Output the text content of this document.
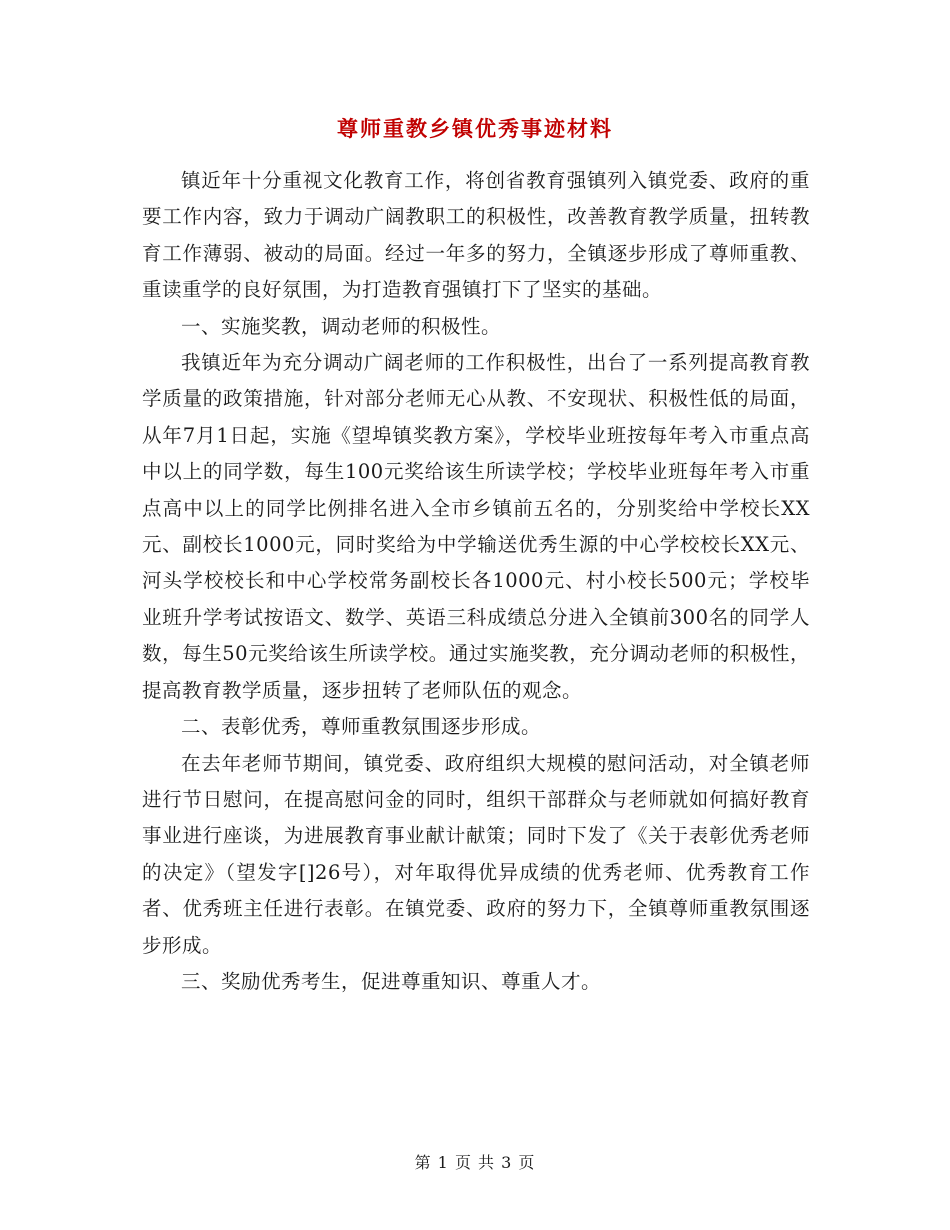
尊师重教乡镇优秀事迹材料

镇近年十分重视文化教育工作，将创省教育强镇列入镇党委、政府的重要工作内容，致力于调动广阔教职工的积极性，改善教育教学质量，扭转教育工作薄弱、被动的局面。经过一年多的努力，全镇逐步形成了尊师重教、重读重学的良好氛围，为打造教育强镇打下了坚实的基础。

一、实施奖教，调动老师的积极性。

我镇近年为充分调动广阔老师的工作积极性，出台了一系列提高教育教学质量的政策措施，针对部分老师无心从教、不安现状、积极性低的局面，从年7月1日起，实施《望埠镇奖教方案》，学校毕业班按每年考入市重点高中以上的同学数，每生100元奖给该生所读学校；学校毕业班每年考入市重点高中以上的同学比例排名进入全市乡镇前五名的，分别奖给中学校长XX元、副校长1000元，同时奖给为中学输送优秀生源的中心学校校长XX元、河头学校校长和中心学校常务副校长各1000元、村小校长500元；学校毕业班升学考试按语文、数学、英语三科成绩总分进入全镇前300名的同学人数，每生50元奖给该生所读学校。通过实施奖教，充分调动老师的积极性，提高教育教学质量，逐步扭转了老师队伍的观念。

二、表彰优秀，尊师重教氛围逐步形成。

在去年老师节期间，镇党委、政府组织大规模的慰问活动，对全镇老师进行节日慰问，在提高慰问金的同时，组织干部群众与老师就如何搞好教育事业进行座谈，为进展教育事业献计献策；同时下发了《关于表彰优秀老师的决定》（望发字[]26号），对年取得优异成绩的优秀老师、优秀教育工作者、优秀班主任进行表彰。在镇党委、政府的努力下，全镇尊师重教氛围逐步形成。

三、奖励优秀考生，促进尊重知识、尊重人才。

第 1 页 共 3 页
